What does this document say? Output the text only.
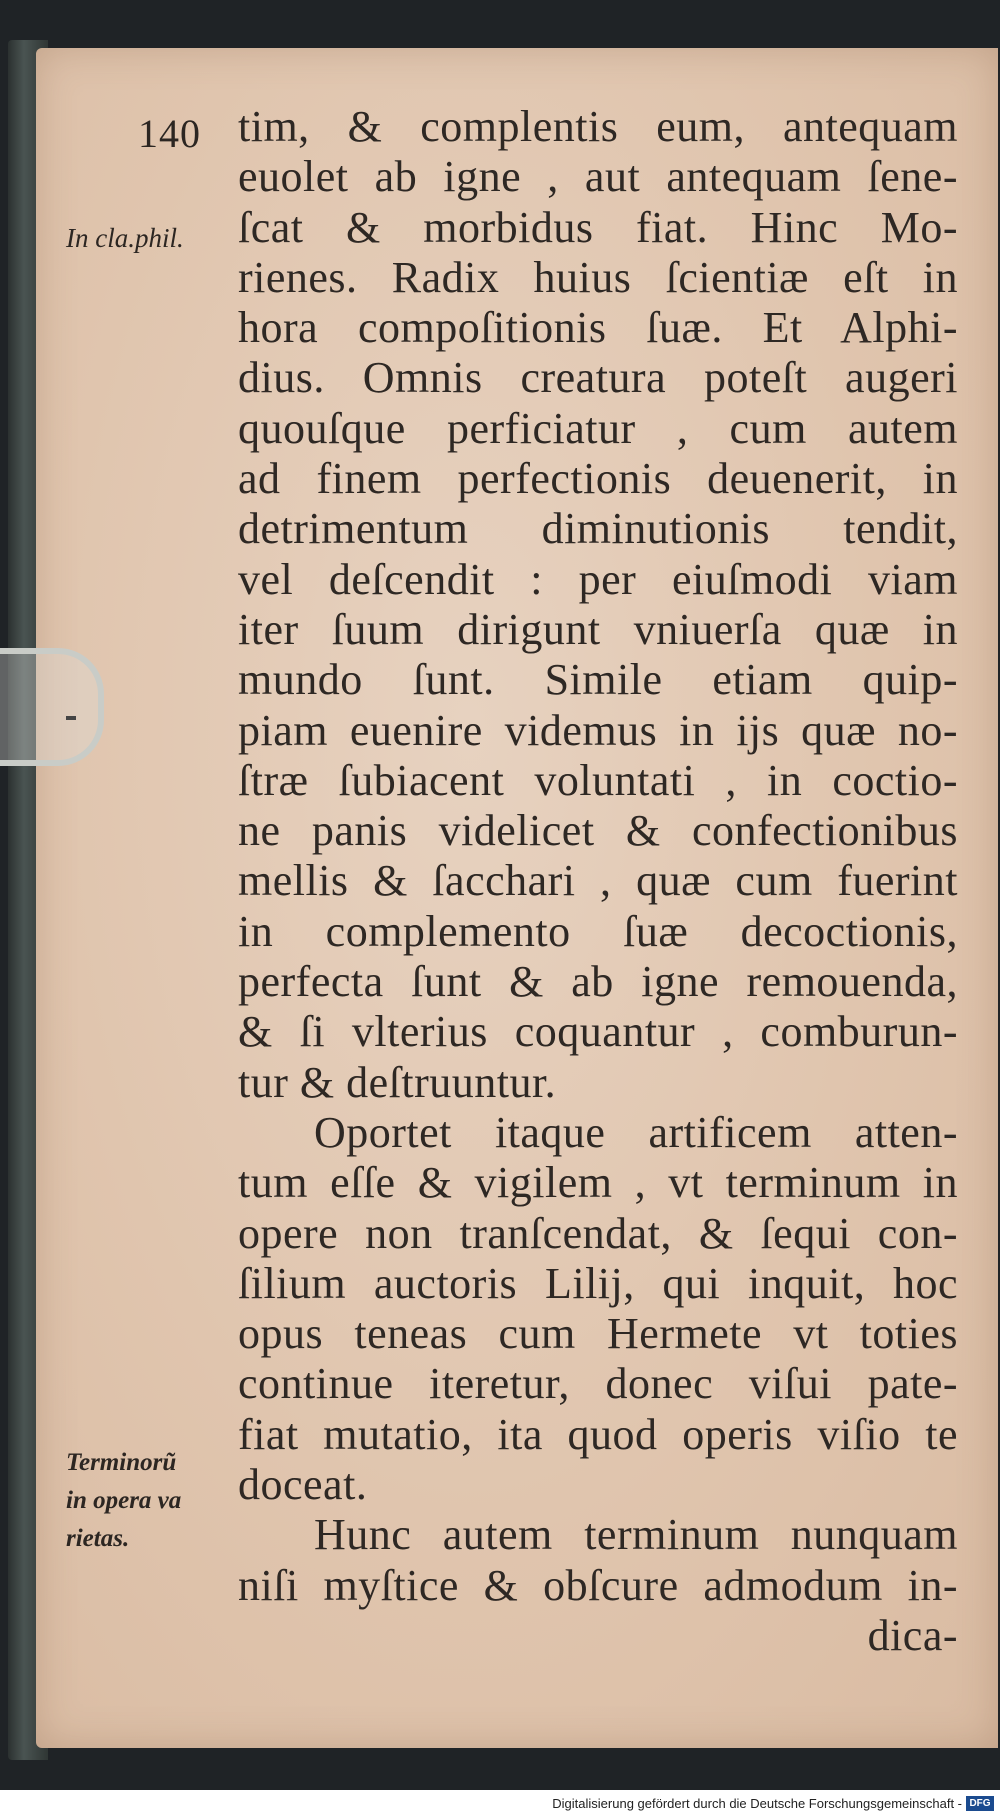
140
In cla.phil.
Terminorũ
in opera va
rietas.
tim, & complentis eum, antequam
euolet ab igne , aut antequam ſene-
ſcat & morbidus fiat. Hinc Mo-
rienes. Radix huius ſcientiæ eſt in
hora compoſitionis ſuæ. Et Alphi-
dius. Omnis creatura poteſt augeri
quouſque perficiatur , cum autem
ad finem perfectionis deuenerit, in
detrimentum diminutionis tendit,
vel deſcendit : per eiuſmodi viam
iter ſuum dirigunt vniuerſa quæ in
mundo ſunt. Simile etiam quip-
piam euenire videmus in ijs quæ no-
ſtræ ſubiacent voluntati , in coctio-
ne panis videlicet & confectionibus
mellis & ſacchari , quæ cum fuerint
in complemento ſuæ decoctionis,
perfecta ſunt & ab igne remouenda,
& ſi vlterius coquantur , comburun-
tur & deſtruuntur.
Oportet itaque artificem atten-
tum eſſe & vigilem , vt terminum in
opere non tranſcendat, & ſequi con-
ſilium auctoris Lilij, qui inquit, hoc
opus teneas cum Hermete vt toties
continue iteretur, donec viſui pate-
fiat mutatio, ita quod operis viſio te
doceat.
Hunc autem terminum nunquam
niſi myſtice & obſcure admodum in-
dica-
Digitalisierung gefördert durch die Deutsche Forschungsgemeinschaft - DFG
